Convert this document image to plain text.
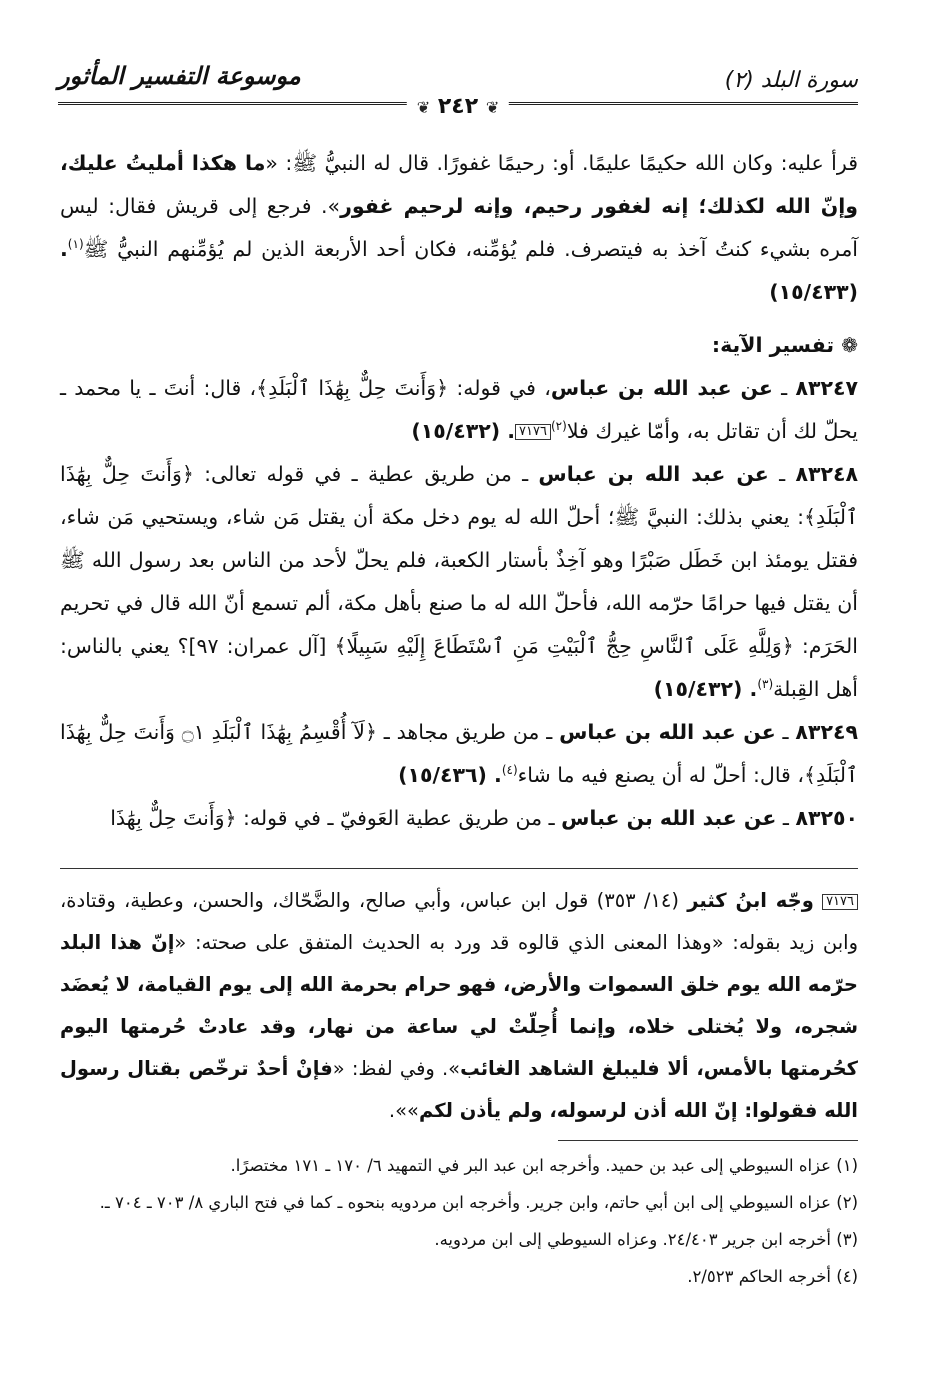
سورة البلد (٢)
موسوعة التفسير المأثور
❦ ٢٤٢ ❦

قرأ عليه: وكان الله حكيمًا عليمًا. أو: رحيمًا غفورًا. قال له النبيُّ ﷺ: «ما هكذا أمليتُ عليك، وإنّ الله لكذلك؛ إنه لغفور رحيم، وإنه لرحيم غفور». فرجع إلى قريش فقال: ليس آمره بشيء كنتُ آخذ به فيتصرف. فلم يُؤمِّنه، فكان أحد الأربعة الذين لم يُؤمِّنهم النبيُّ ﷺ$^{(١)}$. (١٥/٤٣٣)

❁ تفسير الآية:

٨٣٢٤٧ ـ عن عبد الله بن عباس، في قوله: ﴿وَأَنتَ حِلٌّ بِهَٰذَا ٱلْبَلَدِ﴾، قال: أنتَ ـ يا محمد ـ يحلّ لك أن تقاتل به، وأمّا غيرك فلا$^{(٢)}$٧١٧٦. (١٥/٤٣٢)

٨٣٢٤٨ ـ عن عبد الله بن عباس ـ من طريق عطية ـ في قوله تعالى: ﴿وَأَنتَ حِلٌّ بِهَٰذَا ٱلْبَلَدِ﴾: يعني بذلك: النبيَّ ﷺ؛ أحلّ الله له يوم دخل مكة أن يقتل مَن شاء، ويستحيي مَن شاء، فقتل يومئذ ابن خَطَل صَبْرًا وهو آخِذٌ بأستار الكعبة، فلم يحلّ لأحد من الناس بعد رسول الله ﷺ أن يقتل فيها حرامًا حرّمه الله، فأحلّ الله له ما صنع بأهل مكة، ألم تسمع أنّ الله قال في تحريم الحَرَم: ﴿وَلِلَّهِ عَلَى ٱلنَّاسِ حِجُّ ٱلْبَيْتِ مَنِ ٱسْتَطَاعَ إِلَيْهِ سَبِيلًا﴾ [آل عمران: ٩٧]؟ يعني بالناس: أهل القِبلة$^{(٣)}$. (١٥/٤٣٢)

٨٣٢٤٩ ـ عن عبد الله بن عباس ـ من طريق مجاهد ـ ﴿لَآ أُقْسِمُ بِهَٰذَا ٱلْبَلَدِ ۝١ وَأَنتَ حِلٌّ بِهَٰذَا ٱلْبَلَدِ﴾، قال: أحلّ له أن يصنع فيه ما شاء$^{(٤)}$. (١٥/٤٣٦)

٨٣٢٥٠ ـ عن عبد الله بن عباس ـ من طريق عطية العَوفيّ ـ في قوله: ﴿وَأَنتَ حِلٌّ بِهَٰذَا

٧١٧٦ وجّه ابنُ كثير (١٤/ ٣٥٣) قول ابن عباس، وأبي صالح، والضَّحّاك، والحسن، وعطية، وقتادة، وابن زيد بقوله: «وهذا المعنى الذي قالوه قد ورد به الحديث المتفق على صحته: «إنّ هذا البلد حرّمه الله يوم خلق السموات والأرض، فهو حرام بحرمة الله إلى يوم القيامة، لا يُعضَد شجره، ولا يُختلى خلاه، وإنما أُحِلّتْ لي ساعة من نهار، وقد عادتْ حُرمتها اليوم كحُرمتها بالأمس، ألا فليبلغ الشاهد الغائب». وفي لفظ: «فإنْ أحدٌ ترخّص بقتال رسول الله فقولوا: إنّ الله أذن لرسوله، ولم يأذن لكم»».

(١) عزاه السيوطي إلى عبد بن حميد. وأخرجه ابن عبد البر في التمهيد ٦/ ١٧٠ ـ ١٧١ مختصرًا.

(٢) عزاه السيوطي إلى ابن أبي حاتم، وابن جرير. وأخرجه ابن مردويه بنحوه ـ كما في فتح الباري ٨/ ٧٠٣ ـ ٧٠٤ ـ.

(٣) أخرجه ابن جرير ٢٤/٤٠٣. وعزاه السيوطي إلى ابن مردويه.

(٤) أخرجه الحاكم ٢/٥٢٣.
